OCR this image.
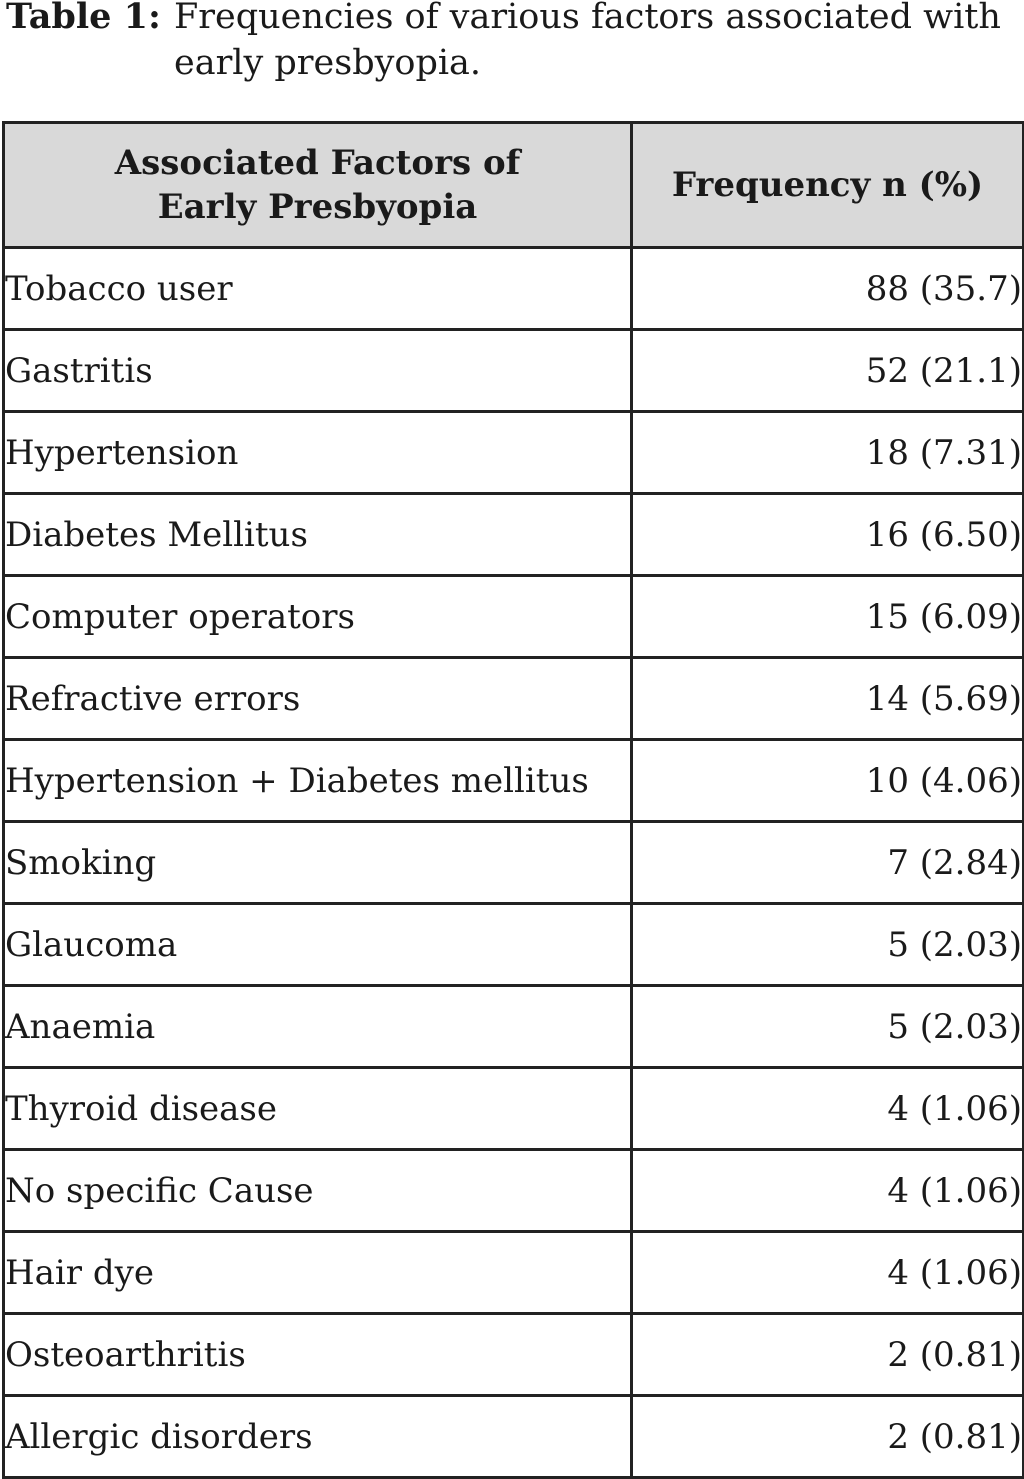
Table 1: Frequencies of various factors associated with early presbyopia.
Associated Factors of Early Presbyopia	Frequency n (%)
Tobacco user	88 (35.7)
Gastritis	52 (21.1)
Hypertension	18 (7.31)
Diabetes Mellitus	16 (6.50)
Computer operators	15 (6.09)
Refractive errors	14 (5.69)
Hypertension + Diabetes mellitus	10 (4.06)
Smoking	7 (2.84)
Glaucoma	5 (2.03)
Anaemia	5 (2.03)
Thyroid disease	4 (1.06)
No specific Cause	4 (1.06)
Hair dye	4 (1.06)
Osteoarthritis	2 (0.81)
Allergic disorders	2 (0.81)
